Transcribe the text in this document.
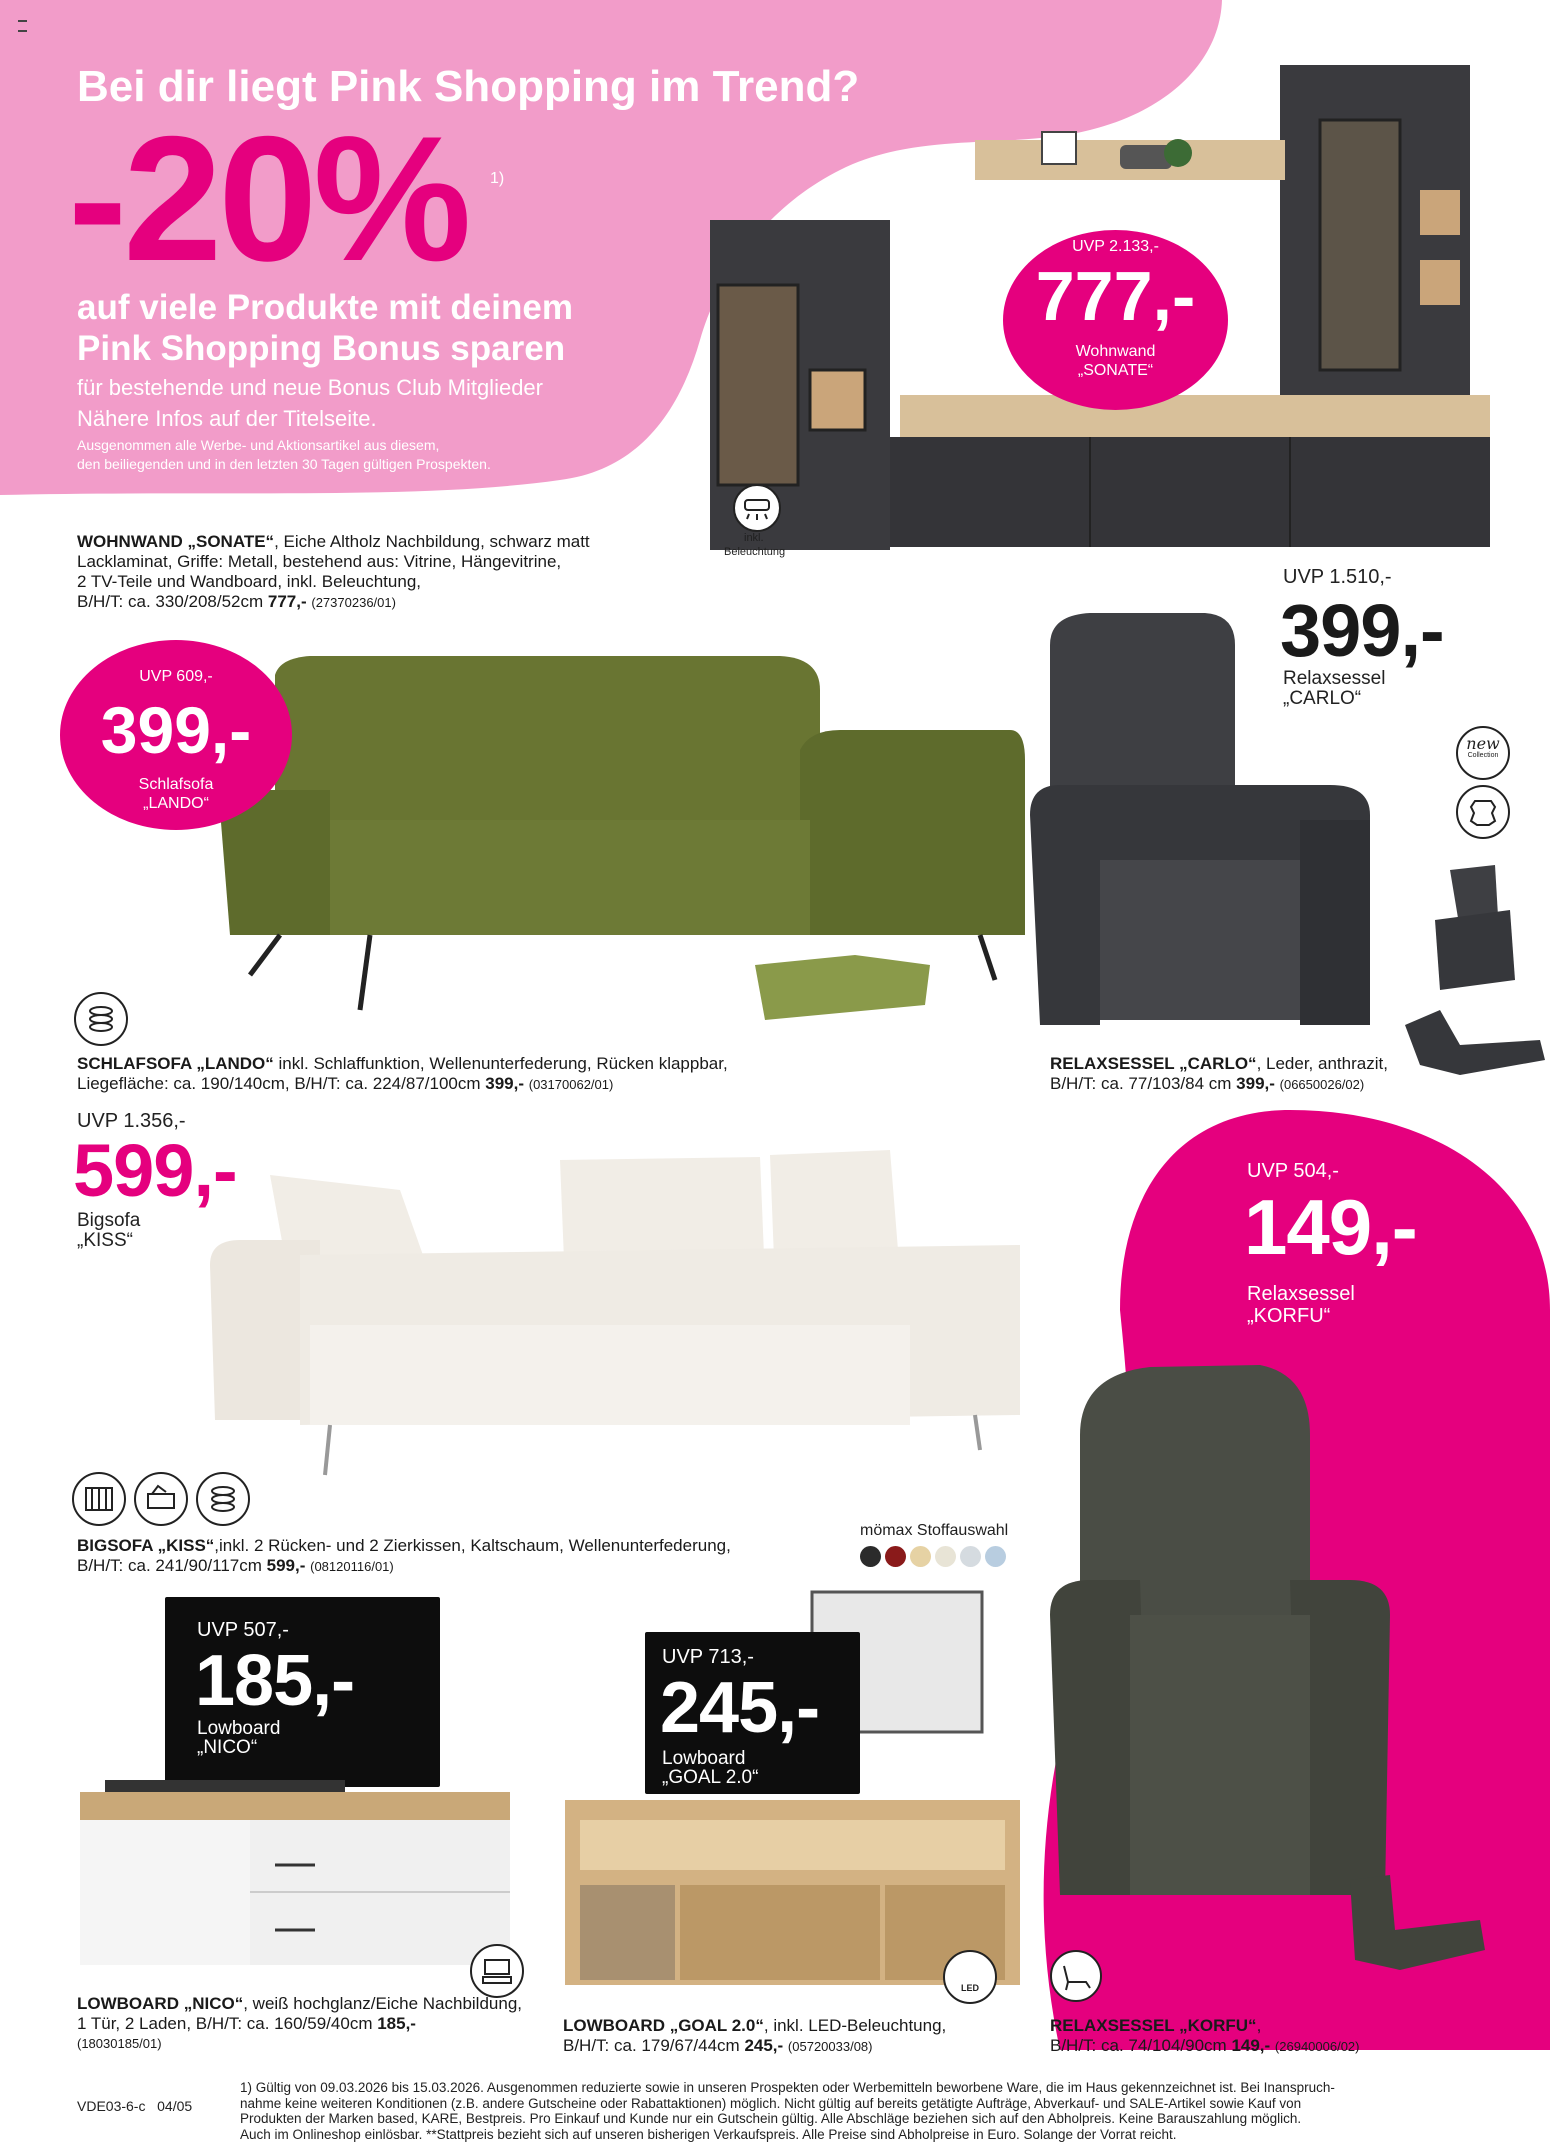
Bei dir liegt Pink Shopping im Trend?
-20% 1)
auf viele Produkte mit deinem
Pink Shopping Bonus sparen
für bestehende und neue Bonus Club Mitglieder
Nähere Infos auf der Titelseite.
Ausgenommen alle Werbe- und Aktionsartikel aus diesem,
den beiliegenden und in den letzten 30 Tagen gültigen Prospekten.
UVP 2.133,-
777,-
Wohnwand
„SONATE“
inkl.
Beleuchtung
WOHNWAND „SONATE“, Eiche Altholz Nachbildung, schwarz matt
Lacklaminat, Griffe: Metall, bestehend aus: Vitrine, Hängevitrine,
2 TV-Teile und Wandboard, inkl. Beleuchtung,
B/H/T: ca. 330/208/52cm 777,- (27370236/01)
UVP 1.510,-
399,-
Relaxsessel
„CARLO“
new
Collection
RELAXSESSEL „CARLO“, Leder, anthrazit,
B/H/T: ca. 77/103/84 cm 399,- (06650026/02)
UVP 609,-
399,-
Schlafsofa
„LANDO“
SCHLAFSOFA „LANDO“ inkl. Schlaffunktion, Wellenunterfederung, Rücken klappbar,
Liegefläche: ca. 190/140cm, B/H/T: ca. 224/87/100cm 399,- (03170062/01)
UVP 1.356,-
599,-
Bigsofa
„KISS“
BIGSOFA „KISS“,inkl. 2 Rücken- und 2 Zierkissen, Kaltschaum, Wellenunterfederung,
B/H/T: ca. 241/90/117cm 599,- (08120116/01)
UVP 504,-
149,-
Relaxsessel
„KORFU“
mömax Stoffauswahl
RELAXSESSEL „KORFU“,
B/H/T: ca. 74/104/90cm 149,- (26940006/02)
UVP 507,-
185,-
Lowboard
„NICO“
LOWBOARD „NICO“, weiß hochglanz/Eiche Nachbildung,
1 Tür, 2 Laden, B/H/T: ca. 160/59/40cm 185,-
(18030185/01)
UVP 713,-
245,-
Lowboard
„GOAL 2.0“
LED
LOWBOARD „GOAL 2.0“, inkl. LED-Beleuchtung,
B/H/T: ca. 179/67/44cm 245,- (05720033/08)
VDE03-6-c   04/05
1) Gültig von 09.03.2026 bis 15.03.2026. Ausgenommen reduzierte sowie in unseren Prospekten oder Werbemitteln beworbene Ware, die im Haus gekennzeichnet ist. Bei Inanspruch-
nahme keine weiteren Konditionen (z.B. andere Gutscheine oder Rabattaktionen) möglich. Nicht gültig auf bereits getätigte Aufträge, Abverkauf- und SALE-Artikel sowie Kauf von
Produkten der Marken based, KARE, Bestpreis. Pro Einkauf und Kunde nur ein Gutschein gültig. Alle Abschläge beziehen sich auf den Abholpreis. Keine Barauszahlung möglich.
Auch im Onlineshop einlösbar. **Stattpreis bezieht sich auf unseren bisherigen Verkaufspreis. Alle Preise sind Abholpreise in Euro. Solange der Vorrat reicht.
